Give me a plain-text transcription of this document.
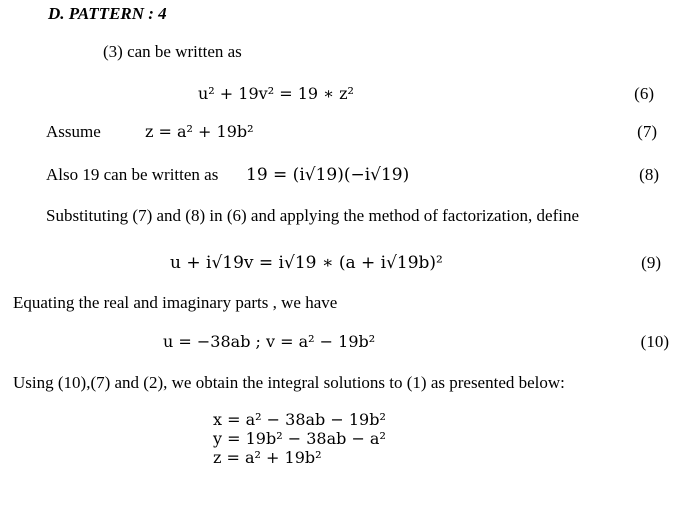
D. PATTERN : 4
(3) can be written as
u² + 19v² = 19 ∗ z²	(6)
Assume	z = a² + 19b²	(7)
Also 19 can be written as 19 = (i√19)(−i√19)	(8)
Substituting (7) and (8) in (6) and applying the method of factorization, define
u + i√19v = i√19 ∗ (a + i√19b)²	(9)
Equating the real and imaginary parts , we have
u = −38ab ; v = a² − 19b²	(10)
Using (10),(7) and (2), we obtain the integral solutions to (1) as presented below:
x = a² − 38ab − 19b²
y = 19b² − 38ab − a²
z = a² + 19b²
